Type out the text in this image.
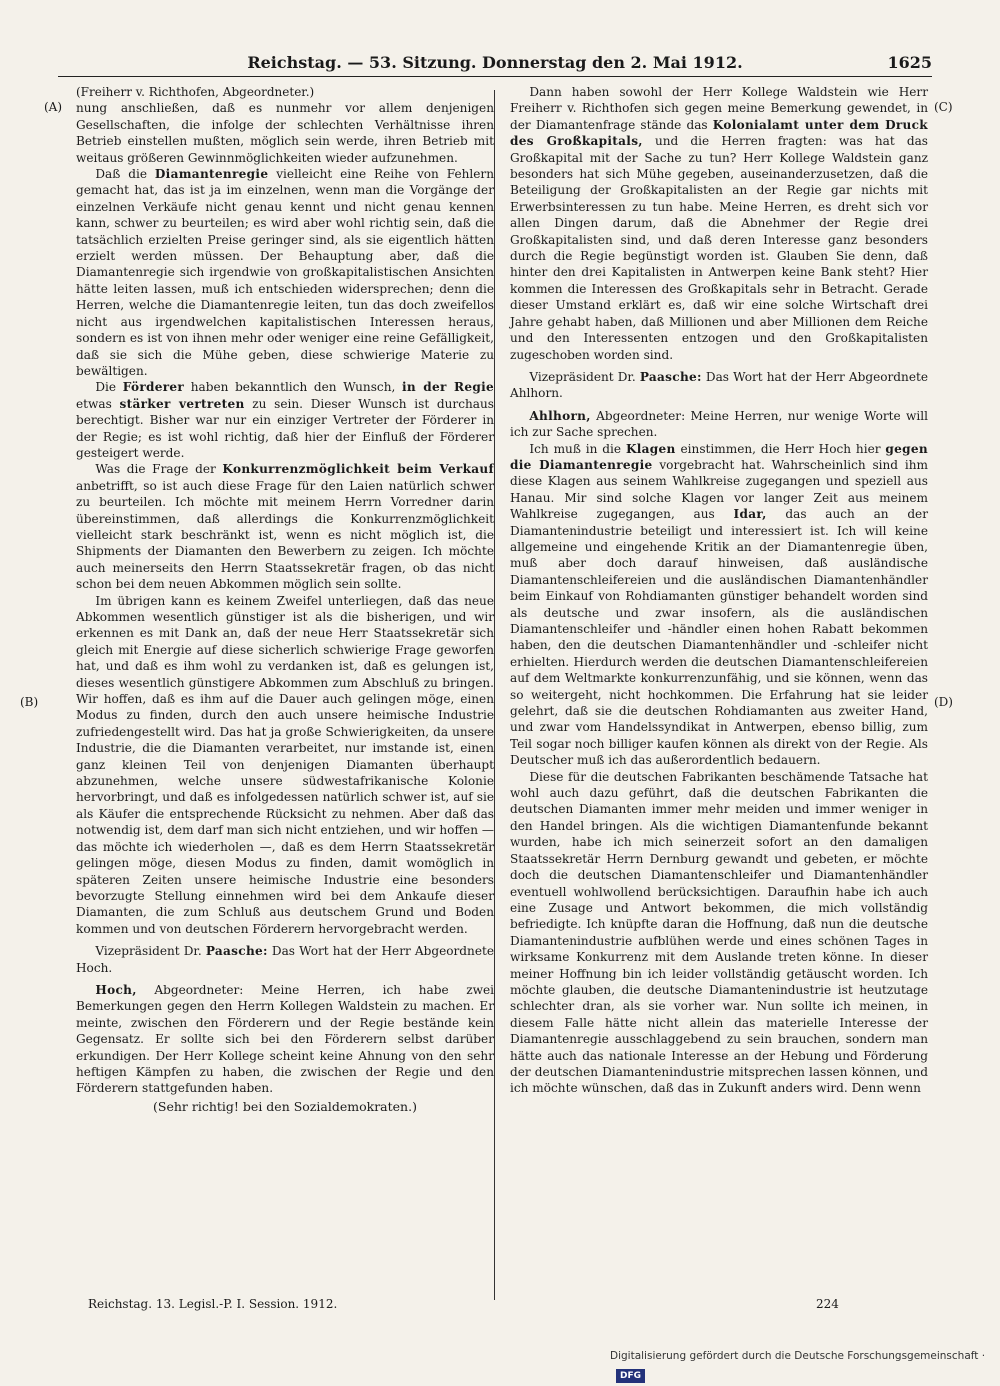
Reichstag. — 53. Sitzung. Donnerstag den 2. Mai 1912.	1625
(A)
(B)
(C)
(D)

(Freiherr v. Richthofen, Abgeordneter.)

nung anschließen, daß es nunmehr vor allem denjenigen Gesellschaften, die infolge der schlechten Verhältnisse ihren Betrieb einstellen mußten, möglich sein werde, ihren Betrieb mit weitaus größeren Gewinnmöglichkeiten wieder aufzunehmen.

Daß die Diamantenregie vielleicht eine Reihe von Fehlern gemacht hat, das ist ja im einzelnen, wenn man die Vorgänge der einzelnen Verkäufe nicht genau kennt und nicht genau kennen kann, schwer zu beurteilen; es wird aber wohl richtig sein, daß die tatsächlich erzielten Preise geringer sind, als sie eigentlich hätten erzielt werden müssen. Der Behauptung aber, daß die Diamantenregie sich irgendwie von großkapitalistischen Ansichten hätte leiten lassen, muß ich entschieden widersprechen; denn die Herren, welche die Diamantenregie leiten, tun das doch zweifellos nicht aus irgendwelchen kapitalistischen Interessen heraus, sondern es ist von ihnen mehr oder weniger eine reine Gefälligkeit, daß sie sich die Mühe geben, diese schwierige Materie zu bewältigen.

Die Förderer haben bekanntlich den Wunsch, in der Regie etwas stärker vertreten zu sein. Dieser Wunsch ist durchaus berechtigt. Bisher war nur ein einziger Vertreter der Förderer in der Regie; es ist wohl richtig, daß hier der Einfluß der Förderer gesteigert werde.

Was die Frage der Konkurrenzmöglichkeit beim Verkauf anbetrifft, so ist auch diese Frage für den Laien natürlich schwer zu beurteilen. Ich möchte mit meinem Herrn Vorredner darin übereinstimmen, daß allerdings die Konkurrenzmöglichkeit vielleicht stark beschränkt ist, wenn es nicht möglich ist, die Shipments der Diamanten den Bewerbern zu zeigen. Ich möchte auch meinerseits den Herrn Staatssekretär fragen, ob das nicht schon bei dem neuen Abkommen möglich sein sollte.

Im übrigen kann es keinem Zweifel unterliegen, daß das neue Abkommen wesentlich günstiger ist als die bisherigen, und wir erkennen es mit Dank an, daß der neue Herr Staatssekretär sich gleich mit Energie auf diese sicherlich schwierige Frage geworfen hat, und daß es ihm wohl zu verdanken ist, daß es gelungen ist, dieses wesentlich günstigere Abkommen zum Abschluß zu bringen. Wir hoffen, daß es ihm auf die Dauer auch gelingen möge, einen Modus zu finden, durch den auch unsere heimische Industrie zufriedengestellt wird. Das hat ja große Schwierigkeiten, da unsere Industrie, die die Diamanten verarbeitet, nur imstande ist, einen ganz kleinen Teil von denjenigen Diamanten überhaupt abzunehmen, welche unsere südwestafrikanische Kolonie hervorbringt, und daß es infolgedessen natürlich schwer ist, auf sie als Käufer die entsprechende Rücksicht zu nehmen. Aber daß das notwendig ist, dem darf man sich nicht entziehen, und wir hoffen — das möchte ich wiederholen —, daß es dem Herrn Staatssekretär gelingen möge, diesen Modus zu finden, damit womöglich in späteren Zeiten unsere heimische Industrie eine besonders bevorzugte Stellung einnehmen wird bei dem Ankaufe dieser Diamanten, die zum Schluß aus deutschem Grund und Boden kommen und von deutschen Förderern hervorgebracht werden.

Vizepräsident Dr. Paasche: Das Wort hat der Herr Abgeordnete Hoch.

Hoch, Abgeordneter: Meine Herren, ich habe zwei Bemerkungen gegen den Herrn Kollegen Waldstein zu machen. Er meinte, zwischen den Förderern und der Regie bestände kein Gegensatz. Er sollte sich bei den Förderern selbst darüber erkundigen. Der Herr Kollege scheint keine Ahnung von den sehr heftigen Kämpfen zu haben, die zwischen der Regie und den Förderern stattgefunden haben.

(Sehr richtig! bei den Sozialdemokraten.)

Dann haben sowohl der Herr Kollege Waldstein wie Herr Freiherr v. Richthofen sich gegen meine Bemerkung gewendet, in der Diamantenfrage stände das Kolonialamt unter dem Druck des Großkapitals, und die Herren fragten: was hat das Großkapital mit der Sache zu tun? Herr Kollege Waldstein ganz besonders hat sich Mühe gegeben, auseinanderzusetzen, daß die Beteiligung der Großkapitalisten an der Regie gar nichts mit Erwerbsinteressen zu tun habe. Meine Herren, es dreht sich vor allen Dingen darum, daß die Abnehmer der Regie drei Großkapitalisten sind, und daß deren Interesse ganz besonders durch die Regie begünstigt worden ist. Glauben Sie denn, daß hinter den drei Kapitalisten in Antwerpen keine Bank steht? Hier kommen die Interessen des Großkapitals sehr in Betracht. Gerade dieser Umstand erklärt es, daß wir eine solche Wirtschaft drei Jahre gehabt haben, daß Millionen und aber Millionen dem Reiche und den Interessenten entzogen und den Großkapitalisten zugeschoben worden sind.

Vizepräsident Dr. Paasche: Das Wort hat der Herr Abgeordnete Ahlhorn.

Ahlhorn, Abgeordneter: Meine Herren, nur wenige Worte will ich zur Sache sprechen.

Ich muß in die Klagen einstimmen, die Herr Hoch hier gegen die Diamantenregie vorgebracht hat. Wahrscheinlich sind ihm diese Klagen aus seinem Wahlkreise zugegangen und speziell aus Hanau. Mir sind solche Klagen vor langer Zeit aus meinem Wahlkreise zugegangen, aus Idar, das auch an der Diamantenindustrie beteiligt und interessiert ist. Ich will keine allgemeine und eingehende Kritik an der Diamantenregie üben, muß aber doch darauf hinweisen, daß ausländische Diamantenschleifereien und die ausländischen Diamantenhändler beim Einkauf von Rohdiamanten günstiger behandelt worden sind als deutsche und zwar insofern, als die ausländischen Diamantenschleifer und -händler einen hohen Rabatt bekommen haben, den die deutschen Diamantenhändler und -schleifer nicht erhielten. Hierdurch werden die deutschen Diamantenschleifereien auf dem Weltmarkte konkurrenzunfähig, und sie können, wenn das so weitergeht, nicht hochkommen. Die Erfahrung hat sie leider gelehrt, daß sie die deutschen Rohdiamanten aus zweiter Hand, und zwar vom Handelssyndikat in Antwerpen, ebenso billig, zum Teil sogar noch billiger kaufen können als direkt von der Regie. Als Deutscher muß ich das außerordentlich bedauern.

Diese für die deutschen Fabrikanten beschämende Tatsache hat wohl auch dazu geführt, daß die deutschen Fabrikanten die deutschen Diamanten immer mehr meiden und immer weniger in den Handel bringen. Als die wichtigen Diamantenfunde bekannt wurden, habe ich mich seinerzeit sofort an den damaligen Staatssekretär Herrn Dernburg gewandt und gebeten, er möchte doch die deutschen Diamantenschleifer und Diamantenhändler eventuell wohlwollend berücksichtigen. Daraufhin habe ich auch eine Zusage und Antwort bekommen, die mich vollständig befriedigte. Ich knüpfte daran die Hoffnung, daß nun die deutsche Diamantenindustrie aufblühen werde und eines schönen Tages in wirksame Konkurrenz mit dem Auslande treten könne. In dieser meiner Hoffnung bin ich leider vollständig getäuscht worden. Ich möchte glauben, die deutsche Diamantenindustrie ist heutzutage schlechter dran, als sie vorher war. Nun sollte ich meinen, in diesem Falle hätte nicht allein das materielle Interesse der Diamantenregie ausschlaggebend zu sein brauchen, sondern man hätte auch das nationale Interesse an der Hebung und Förderung der deutschen Diamantenindustrie mitsprechen lassen können, und ich möchte wünschen, daß das in Zukunft anders wird. Denn wenn

Reichstag. 13. Legisl.-P. I. Session. 1912.	224
Digitalisierung gefördert durch die Deutsche Forschungsgemeinschaft ·DFG
